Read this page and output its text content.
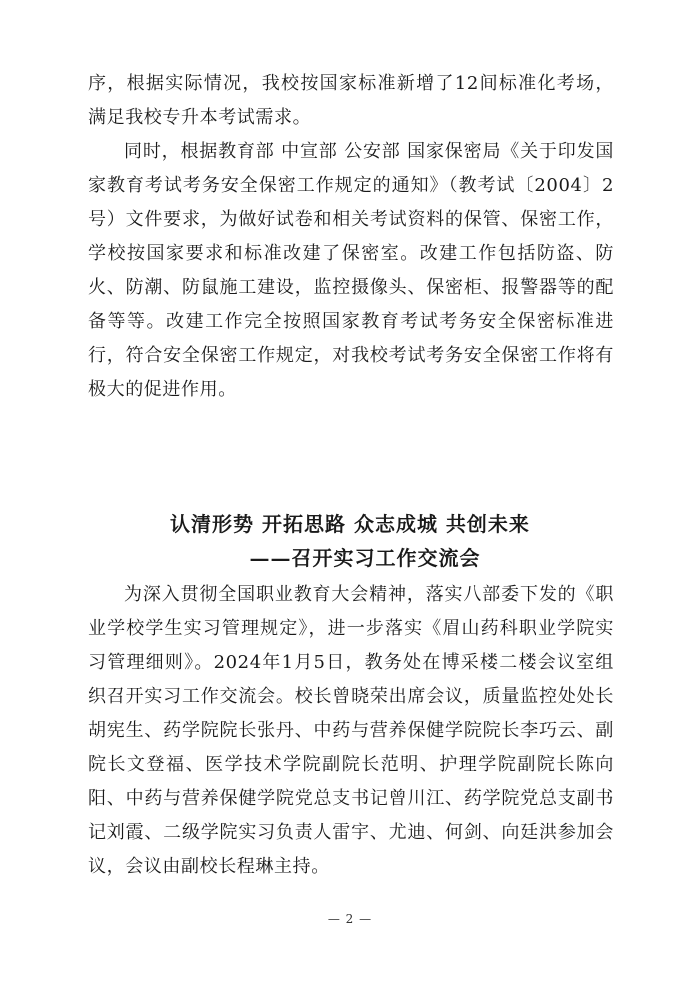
序，根据实际情况，我校按国家标准新增了12间标准化考场，满足我校专升本考试需求。

同时，根据教育部 中宣部 公安部 国家保密局《关于印发国家教育考试考务安全保密工作规定的通知》（教考试〔2004〕2号）文件要求，为做好试卷和相关考试资料的保管、保密工作，学校按国家要求和标准改建了保密室。改建工作包括防盗、防火、防潮、防鼠施工建设，监控摄像头、保密柜、报警器等的配备等等。改建工作完全按照国家教育考试考务安全保密标准进行，符合安全保密工作规定，对我校考试考务安全保密工作将有极大的促进作用。

认清形势 开拓思路 众志成城 共创未来
——召开实习工作交流会

为深入贯彻全国职业教育大会精神，落实八部委下发的《职业学校学生实习管理规定》，进一步落实《眉山药科职业学院实习管理细则》。2024年1月5日，教务处在博采楼二楼会议室组织召开实习工作交流会。校长曾晓荣出席会议，质量监控处处长胡宪生、药学院院长张丹、中药与营养保健学院院长李巧云、副院长文登福、医学技术学院副院长范明、护理学院副院长陈向阳、中药与营养保健学院党总支书记曾川江、药学院党总支副书记刘霞、二级学院实习负责人雷宇、尤迪、何剑、向廷洪参加会议，会议由副校长程琳主持。

— 2 —
